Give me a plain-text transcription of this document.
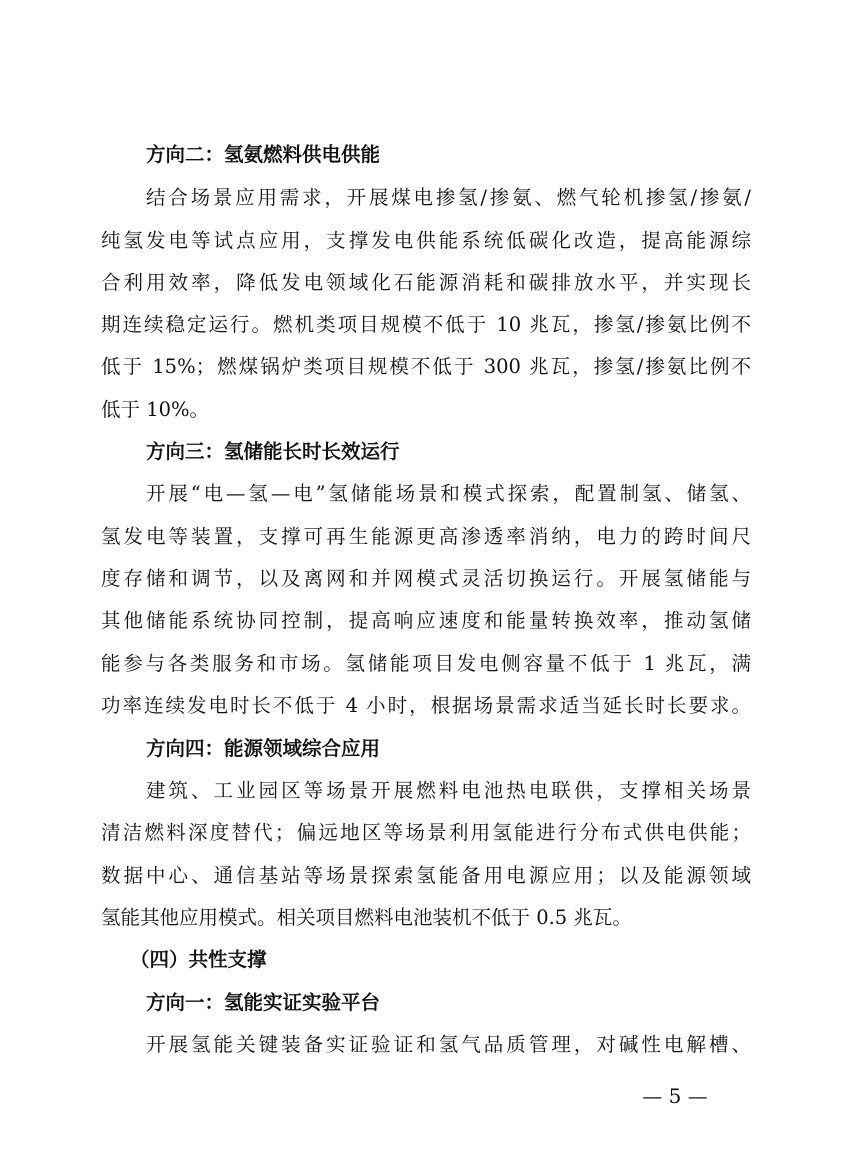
方向二：氢氨燃料供电供能
结合场景应用需求，开展煤电掺氢/掺氨、燃气轮机掺氢/掺氨/
纯氢发电等试点应用，支撑发电供能系统低碳化改造，提高能源综
合利用效率，降低发电领域化石能源消耗和碳排放水平，并实现长
期连续稳定运行。燃机类项目规模不低于 10 兆瓦，掺氢/掺氨比例不
低于 15%；燃煤锅炉类项目规模不低于 300 兆瓦，掺氢/掺氨比例不
低于 10%。
方向三：氢储能长时长效运行
开展“电—氢—电”氢储能场景和模式探索，配置制氢、储氢、
氢发电等装置，支撑可再生能源更高渗透率消纳，电力的跨时间尺
度存储和调节，以及离网和并网模式灵活切换运行。开展氢储能与
其他储能系统协同控制，提高响应速度和能量转换效率，推动氢储
能参与各类服务和市场。氢储能项目发电侧容量不低于 1 兆瓦，满
功率连续发电时长不低于 4 小时，根据场景需求适当延长时长要求。
方向四：能源领域综合应用
建筑、工业园区等场景开展燃料电池热电联供，支撑相关场景
清洁燃料深度替代；偏远地区等场景利用氢能进行分布式供电供能；
数据中心、通信基站等场景探索氢能备用电源应用；以及能源领域
氢能其他应用模式。相关项目燃料电池装机不低于 0.5 兆瓦。
（四）共性支撑
方向一：氢能实证实验平台
开展氢能关键装备实证验证和氢气品质管理，对碱性电解槽、
— 5 —
